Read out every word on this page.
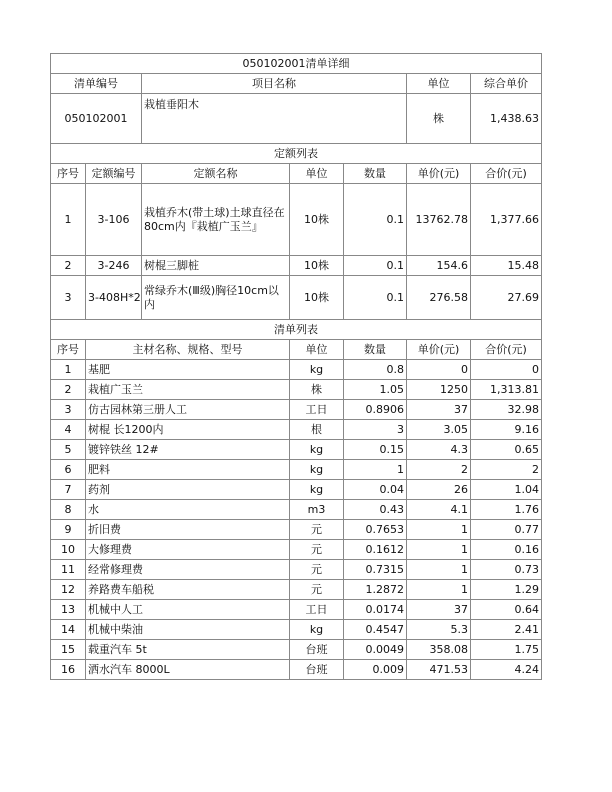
050102001清单详细						
清单编号		项目名称			单位	综合单价
050102001		栽植垂阳木			株	1,438.63
定额列表						
序号	定额编号	定额名称	单位	数量	单价(元)	合价(元)
1	3-106	栽植乔木(带土球)土球直径在80cm内『栽植广玉兰』	10株	0.1	13762.78	1,377.66
2	3-246	树棍三脚桩	10株	0.1	154.6	15.48
3	3-408H*2	常绿乔木(Ⅲ级)胸径10cm以内	10株	0.1	276.58	27.69
清单列表						
序号	主材名称、规格、型号		单位	数量	单价(元)	合价(元)
1	基肥		kg	0.8	0	0
2	栽植广玉兰		株	1.05	1250	1,313.81
3	仿古园林第三册人工		工日	0.8906	37	32.98
4	树棍 长1200内		根	3	3.05	9.16
5	镀锌铁丝 12#		kg	0.15	4.3	0.65
6	肥料		kg	1	2	2
7	药剂		kg	0.04	26	1.04
8	水		m3	0.43	4.1	1.76
9	折旧费		元	0.7653	1	0.77
10	大修理费		元	0.1612	1	0.16
11	经常修理费		元	0.7315	1	0.73
12	养路费车船税		元	1.2872	1	1.29
13	机械中人工		工日	0.0174	37	0.64
14	机械中柴油		kg	0.4547	5.3	2.41
15	载重汽车 5t		台班	0.0049	358.08	1.75
16	洒水汽车 8000L		台班	0.009	471.53	4.24
